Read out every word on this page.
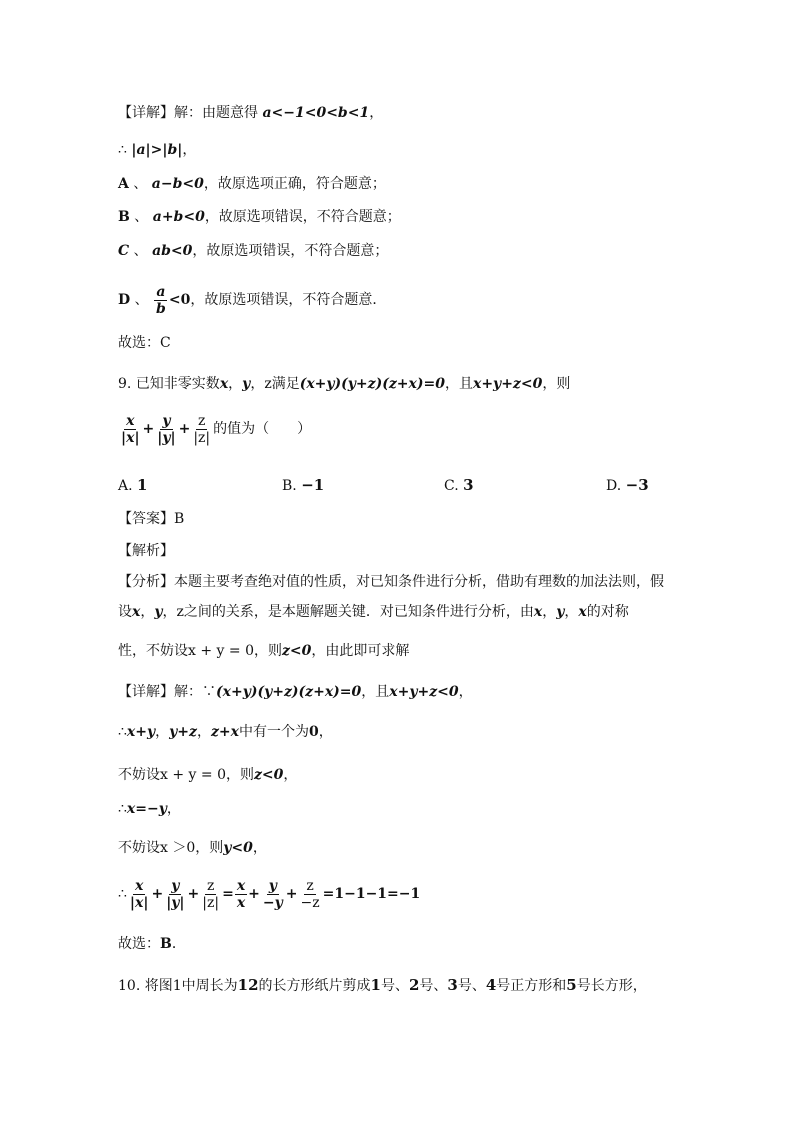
【详解】解：由题意得 a<−1<0<b<1，
∴ |a|>|b|，
A 、 a−b<0，故原选项正确，符合题意；
B 、 a+b<0，故原选项错误，不符合题意；
C 、 ab<0，故原选项错误，不符合题意；
D 、 $\frac{a}{b} <0$，故原选项错误，不符合题意．
故选：C
9. 已知非零实数x，y，z满足(x+y)(y+z)(z+x)=0，且x+y+z<0，则
$\frac{x}{|x|} + \frac{y}{|y|} + \frac{z}{|z|}$ 的值为（　　）
A. 1	B. −1	C. 3	D. −3
【答案】B
【解析】
【分析】本题主要考查绝对值的性质，对已知条件进行分析，借助有理数的加法法则，假
设x，y，z之间的关系，是本题解题关键．对已知条件进行分析，由x，y，x的对称
性，不妨设x + y = 0，则z<0，由此即可求解
【详解】解：∵(x+y)(y+z)(z+x)=0，且x+y+z<0，
∴x+y，y+z，z+x中有一个为0，
不妨设x + y = 0，则z<0，
∴x=−y，
不妨设x ＞0，则y<0，
∴ $\frac{x}{|x|} + \frac{y}{|y|} + \frac{z}{|z|} = \frac{x}{x} + \frac{y}{-y} + \frac{z}{-z} =1-1-1=-1$
故选：B．
10. 将图1中周长为12的长方形纸片剪成1号、2号、3号、4号正方形和5号长方形，
